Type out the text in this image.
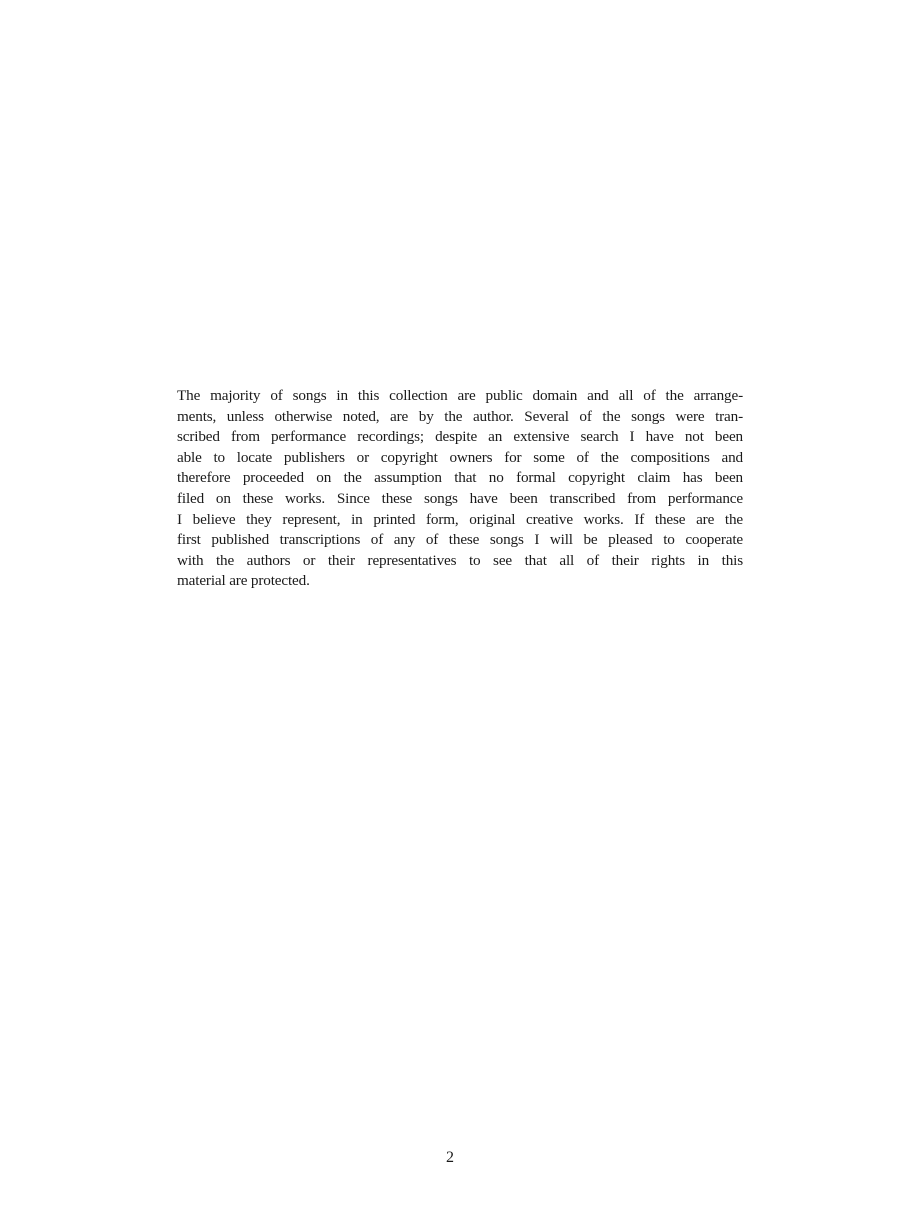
The majority of songs in this collection are public domain and all of the arrange-
ments, unless otherwise noted, are by the author. Several of the songs were tran-
scribed from performance recordings; despite an extensive search I have not been
able to locate publishers or copyright owners for some of the compositions and
therefore proceeded on the assumption that no formal copyright claim has been
filed on these works. Since these songs have been transcribed from performance
I believe they represent, in printed form, original creative works. If these are the
first published transcriptions of any of these songs I will be pleased to cooperate
with the authors or their representatives to see that all of their rights in this
material are protected.

2
